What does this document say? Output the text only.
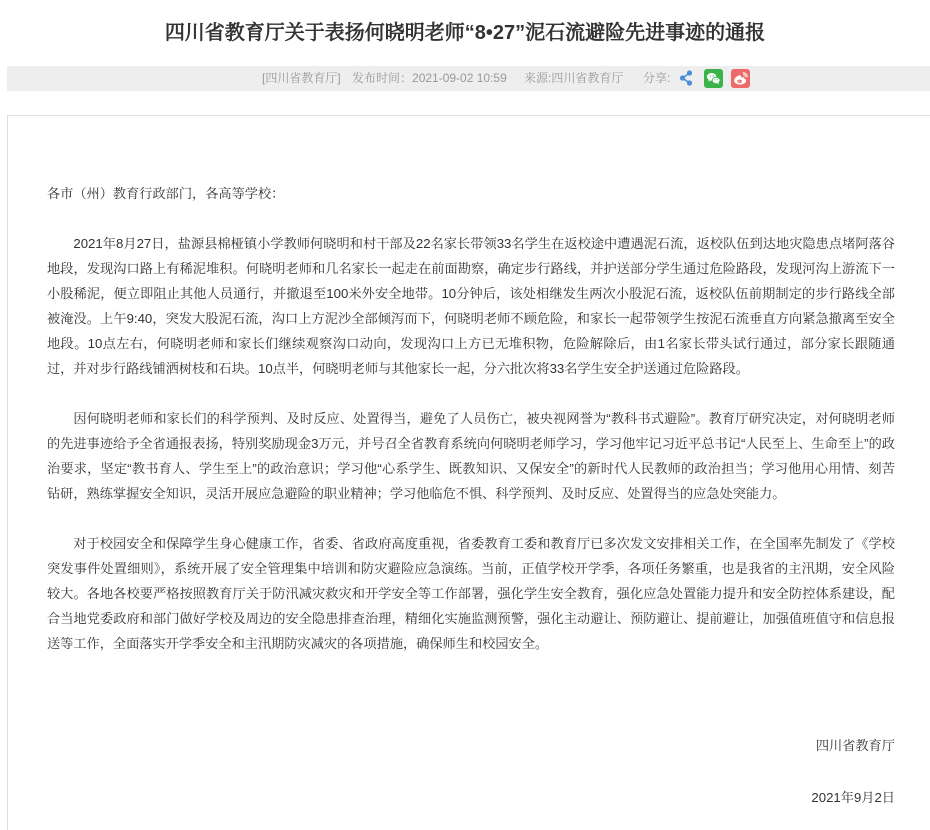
四川省教育厅关于表扬何晓明老师“8•27”泥石流避险先进事迹的通报
[四川省教育厅] 发布时间：2021-09-02 10:59 来源:四川省教育厅 分享:

各市（州）教育行政部门，各高等学校：

2021年8月27日，盐源县棉桠镇小学教师何晓明和村干部及22名家长带领33名学生在返校途中遭遇泥石流，返校队伍到达地灾隐患点堵阿落谷地段，发现沟口路上有稀泥堆积。何晓明老师和几名家长一起走在前面勘察，确定步行路线，并护送部分学生通过危险路段，发现河沟上游流下一小股稀泥，便立即阻止其他人员通行，并撤退至100米外安全地带。10分钟后，该处相继发生两次小股泥石流，返校队伍前期制定的步行路线全部被淹没。上午9:40，突发大股泥石流，沟口上方泥沙全部倾泻而下，何晓明老师不顾危险，和家长一起带领学生按泥石流垂直方向紧急撤离至安全地段。10点左右，何晓明老师和家长们继续观察沟口动向，发现沟口上方已无堆积物，危险解除后，由1名家长带头试行通过，部分家长跟随通过，并对步行路线铺洒树枝和石块。10点半，何晓明老师与其他家长一起，分六批次将33名学生安全护送通过危险路段。

因何晓明老师和家长们的科学预判、及时反应、处置得当，避免了人员伤亡，被央视网誉为“教科书式避险”。教育厅研究决定，对何晓明老师的先进事迹给予全省通报表扬，特别奖励现金3万元，并号召全省教育系统向何晓明老师学习，学习他牢记习近平总书记“人民至上、生命至上”的政治要求，坚定“教书育人、学生至上”的政治意识；学习他“心系学生、既教知识、又保安全”的新时代人民教师的政治担当；学习他用心用情、刻苦钻研，熟练掌握安全知识，灵活开展应急避险的职业精神；学习他临危不惧、科学预判、及时反应、处置得当的应急处突能力。

对于校园安全和保障学生身心健康工作，省委、省政府高度重视，省委教育工委和教育厅已多次发文安排相关工作，在全国率先制发了《学校突发事件处置细则》，系统开展了安全管理集中培训和防灾避险应急演练。当前，正值学校开学季，各项任务繁重，也是我省的主汛期，安全风险较大。各地各校要严格按照教育厅关于防汛减灾救灾和开学安全等工作部署，强化学生安全教育，强化应急处置能力提升和安全防控体系建设，配合当地党委政府和部门做好学校及周边的安全隐患排查治理，精细化实施监测预警，强化主动避让、预防避让、提前避让，加强值班值守和信息报送等工作，全面落实开学季安全和主汛期防灾减灾的各项措施，确保师生和校园安全。

四川省教育厅
2021年9月2日
